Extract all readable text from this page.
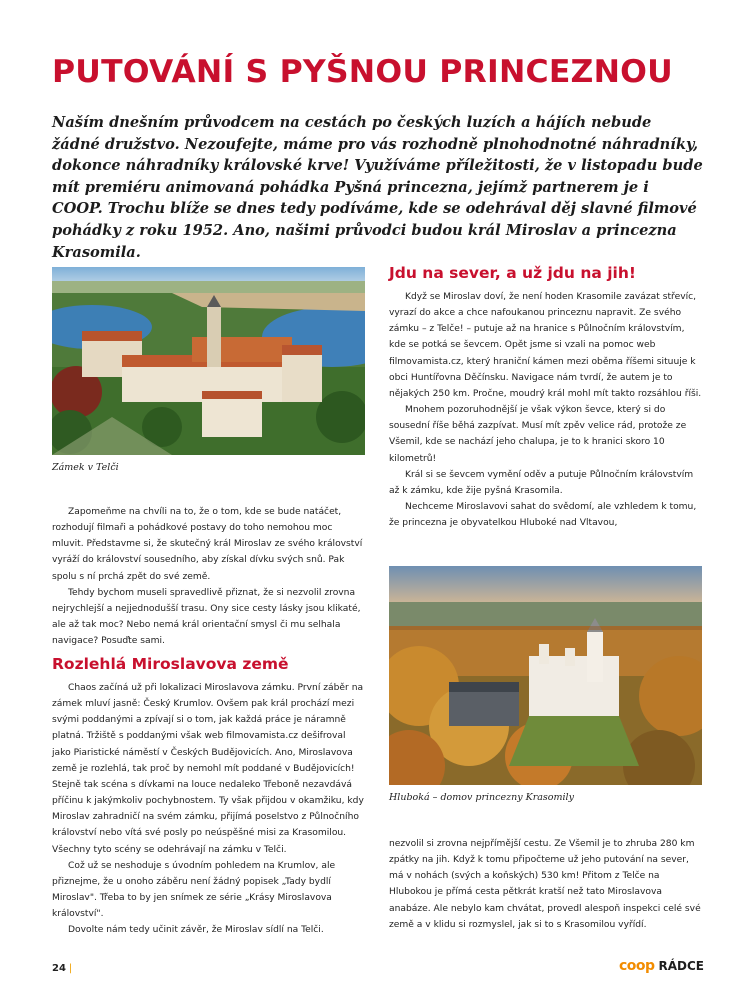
PUTOVÁNÍ S PYŠNOU PRINCEZNOU
Naším dnešním průvodcem na cestách po českých luzích a hájích nebude žádné družstvo. Nezoufejte, máme pro vás rozhodně plnohodnotné náhradníky, dokonce náhradníky královské krve! Využíváme příležitosti, že v listopadu bude mít premiéru animovaná pohádka Pyšná princezna, jejímž partnerem je i COOP. Trochu blíže se dnes tedy podíváme, kde se odehrával děj slavné filmové pohádky z roku 1952. Ano, našimi průvodci budou král Miroslav a princezna Krasomila.
Zámek v Telči

Zapomeňme na chvíli na to, že o tom, kde se bude natáčet, rozhodují filmaři a pohádkové postavy do toho nemohou moc mluvit. Představme si, že skutečný král Miroslav ze svého království vyráží do království sousedního, aby získal dívku svých snů. Pak spolu s ní prchá zpět do své země.

Tehdy bychom museli spravedlivě přiznat, že si nezvolil zrovna nejrychlejší a nejjednodušší trasu. Ony sice cesty lásky jsou klikaté, ale až tak moc? Nebo nemá král orientační smysl či mu selhala navigace? Posuďte sami.

Rozlehlá Miroslavova země

Chaos začíná už při lokalizaci Miroslavova zámku. První záběr na zámek mluví jasně: Český Krumlov. Ovšem pak král prochází mezi svými poddanými a zpívají si o tom, jak každá práce je náramně platná. Tržiště s poddanými však web filmovamista.cz dešifroval jako Piaristické náměstí v Českých Budějovicích. Ano, Miroslavova země je rozlehlá, tak proč by nemohl mít poddané v Budějovicích! Stejně tak scéna s dívkami na louce nedaleko Třeboně nezavdává příčinu k jakýmkoliv pochybnostem. Ty však přijdou v okamžiku, kdy Miroslav zahradničí na svém zámku, přijímá poselstvo z Půlnočního království nebo vítá své posly po neúspěšné misi za Krasomilou. Všechny tyto scény se odehrávají na zámku v Telči.

Což už se neshoduje s úvodním pohledem na Krumlov, ale přiznejme, že u onoho záběru není žádný popisek „Tady bydlí Miroslav". Třeba to by jen snímek ze série „Krásy Miroslavova království".

Dovolte nám tedy učinit závěr, že Miroslav sídlí na Telči.

Jdu na sever, a už jdu na jih!

Když se Miroslav doví, že není hoden Krasomile zavázat střevíc, vyrazí do akce a chce nafoukanou princeznu napravit. Ze svého zámku – z Telče! – putuje až na hranice s Půlnočním královstvím, kde se potká se ševcem. Opět jsme si vzali na pomoc web filmovamista.cz, který hraniční kámen mezi oběma říšemi situuje k obci Huntířovna Děčínsku. Navigace nám tvrdí, že autem je to nějakých 250 km. Pročne, moudrý král mohl mít takto rozsáhlou říši.

Mnohem pozoruhodnější je však výkon ševce, který si do sousední říše běhá zazpívat. Musí mít zpěv velice rád, protože ze Všemil, kde se nachází jeho chalupa, je to k hranici skoro 10 kilometrů!

Král si se ševcem vymění oděv a putuje Půlnočním královstvím až k zámku, kde žije pyšná Krasomila.

Nechceme Miroslavovi sahat do svědomí, ale vzhledem k tomu, že princezna je obyvatelkou Hluboké nad Vltavou,

Hluboká – domov princezny Krasomily

nezvolil si zrovna nejpřímější cestu. Ze Všemil je to zhruba 280 km zpátky na jih. Když k tomu připočteme už jeho putování na sever, má v nohách (svých a koňských) 530 km! Přitom z Telče na Hlubokou je přímá cesta pětkrát kratší než tato Miroslavova anabáze. Ale nebylo kam chvátat, provedl alespoň inspekci celé své země a v klidu si rozmyslel, jak si to s Krasomilou vyřídí.

24 |	coop RÁDCE
